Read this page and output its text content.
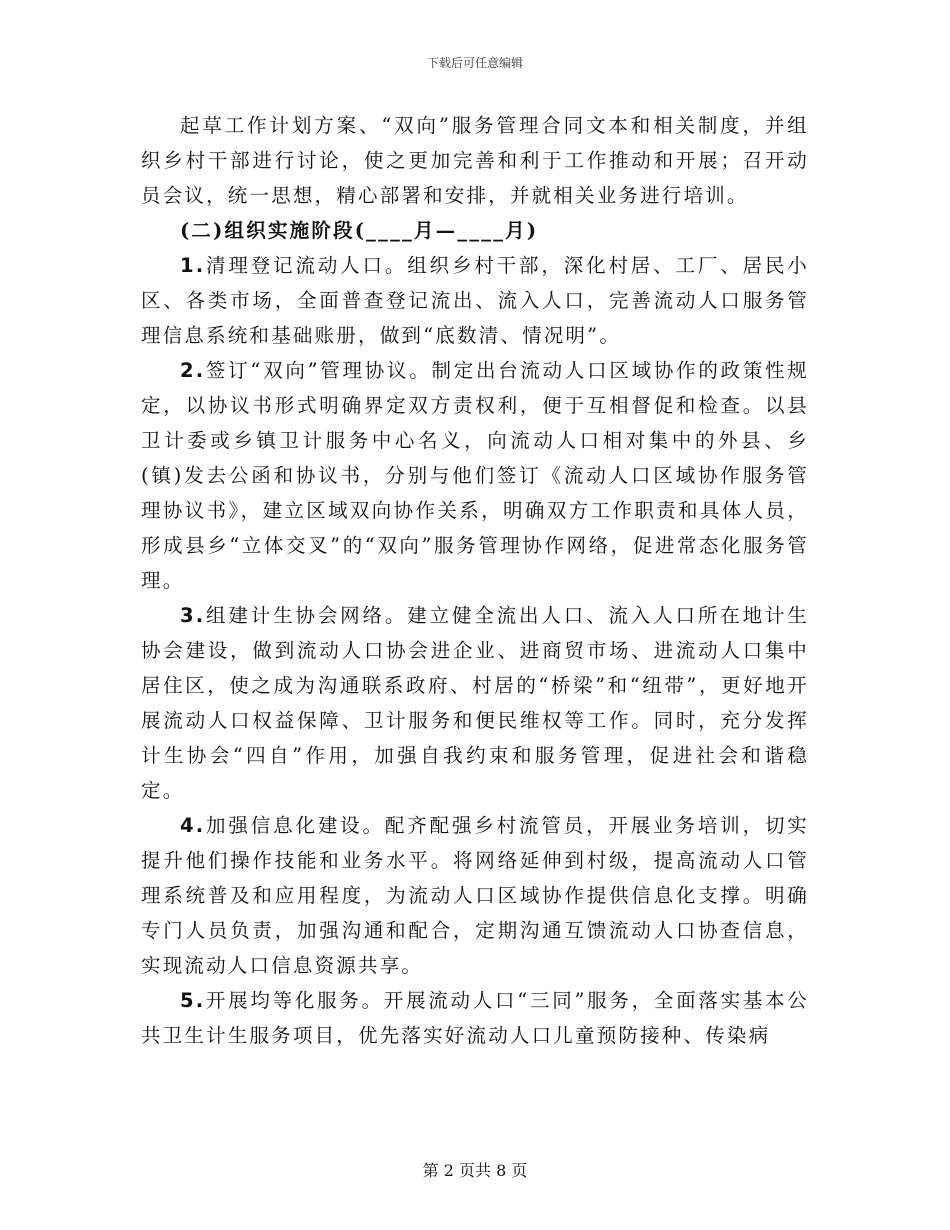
下载后可任意编辑

起草工作计划方案、“双向”服务管理合同文本和相关制度，并组织乡村干部进行讨论，使之更加完善和利于工作推动和开展；召开动员会议，统一思想，精心部署和安排，并就相关业务进行培训。

(二)组织实施阶段(____月—____月)

1.清理登记流动人口。组织乡村干部，深化村居、工厂、居民小区、各类市场，全面普查登记流出、流入人口，完善流动人口服务管理信息系统和基础账册，做到“底数清、情况明”。

2.签订“双向”管理协议。制定出台流动人口区域协作的政策性规定，以协议书形式明确界定双方责权利，便于互相督促和检查。以县卫计委或乡镇卫计服务中心名义，向流动人口相对集中的外县、乡(镇)发去公函和协议书，分别与他们签订《流动人口区域协作服务管理协议书》，建立区域双向协作关系，明确双方工作职责和具体人员，形成县乡“立体交叉”的“双向”服务管理协作网络，促进常态化服务管理。

3.组建计生协会网络。建立健全流出人口、流入人口所在地计生协会建设，做到流动人口协会进企业、进商贸市场、进流动人口集中居住区，使之成为沟通联系政府、村居的“桥梁”和“纽带”，更好地开展流动人口权益保障、卫计服务和便民维权等工作。同时，充分发挥计生协会“四自”作用，加强自我约束和服务管理，促进社会和谐稳定。

4.加强信息化建设。配齐配强乡村流管员，开展业务培训，切实提升他们操作技能和业务水平。将网络延伸到村级，提高流动人口管理系统普及和应用程度，为流动人口区域协作提供信息化支撑。明确专门人员负责，加强沟通和配合，定期沟通互馈流动人口协查信息，实现流动人口信息资源共享。

5.开展均等化服务。开展流动人口“三同”服务，全面落实基本公共卫生计生服务项目，优先落实好流动人口儿童预防接种、传染病

第 2 页共 8 页
